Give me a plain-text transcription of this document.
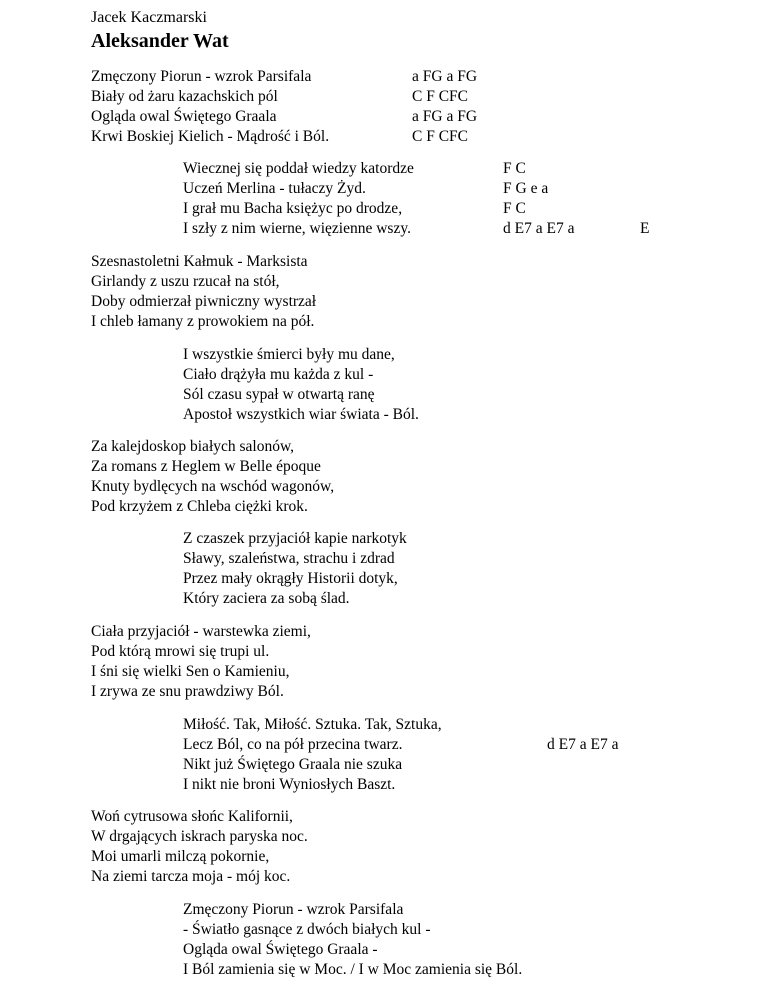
Jacek Kaczmarski
Aleksander Wat
Zmęczony Piorun - wzrok Parsifala
Biały od żaru kazachskich pól
Ogląda owal Świętego Graala
Krwi Boskiej Kielich - Mądrość i Ból.
a FG a FG
C F CFC
a FG a FG
C F CFC
Wiecznej się poddał wiedzy katordze
Uczeń Merlina - tułaczy Żyd.
I grał mu Bacha księżyc po drodze,
I szły z nim wierne, więzienne wszy.
F C
F G e a
F C
d E7 a E7 a	E
Szesnastoletni Kałmuk - Marksista
Girlandy z uszu rzucał na stół,
Doby odmierzał piwniczny wystrzał
I chleb łamany z prowokiem na pół.
I wszystkie śmierci były mu dane,
Ciało drążyła mu każda z kul -
Sól czasu sypał w otwartą ranę
Apostoł wszystkich wiar świata - Ból.
Za kalejdoskop białych salonów,
Za romans z Heglem w Belle époque
Knuty bydlęcych na wschód wagonów,
Pod krzyżem z Chleba ciężki krok.
Z czaszek przyjaciół kapie narkotyk
Sławy, szaleństwa, strachu i zdrad
Przez mały okrągły Historii dotyk,
Który zaciera za sobą ślad.
Ciała przyjaciół - warstewka ziemi,
Pod którą mrowi się trupi ul.
I śni się wielki Sen o Kamieniu,
I zrywa ze snu prawdziwy Ból.
Miłość. Tak, Miłość. Sztuka. Tak, Sztuka,
Lecz Ból, co na pół przecina twarz.
Nikt już Świętego Graala nie szuka
I nikt nie broni Wyniosłych Baszt.
d E7 a E7 a
Woń cytrusowa słońc Kalifornii,
W drgających iskrach paryska noc.
Moi umarli milczą pokornie,
Na ziemi tarcza moja - mój koc.
Zmęczony Piorun - wzrok Parsifala
- Światło gasnące z dwóch białych kul -
Ogląda owal Świętego Graala -
I Ból zamienia się w Moc. / I w Moc zamienia się Ból.
